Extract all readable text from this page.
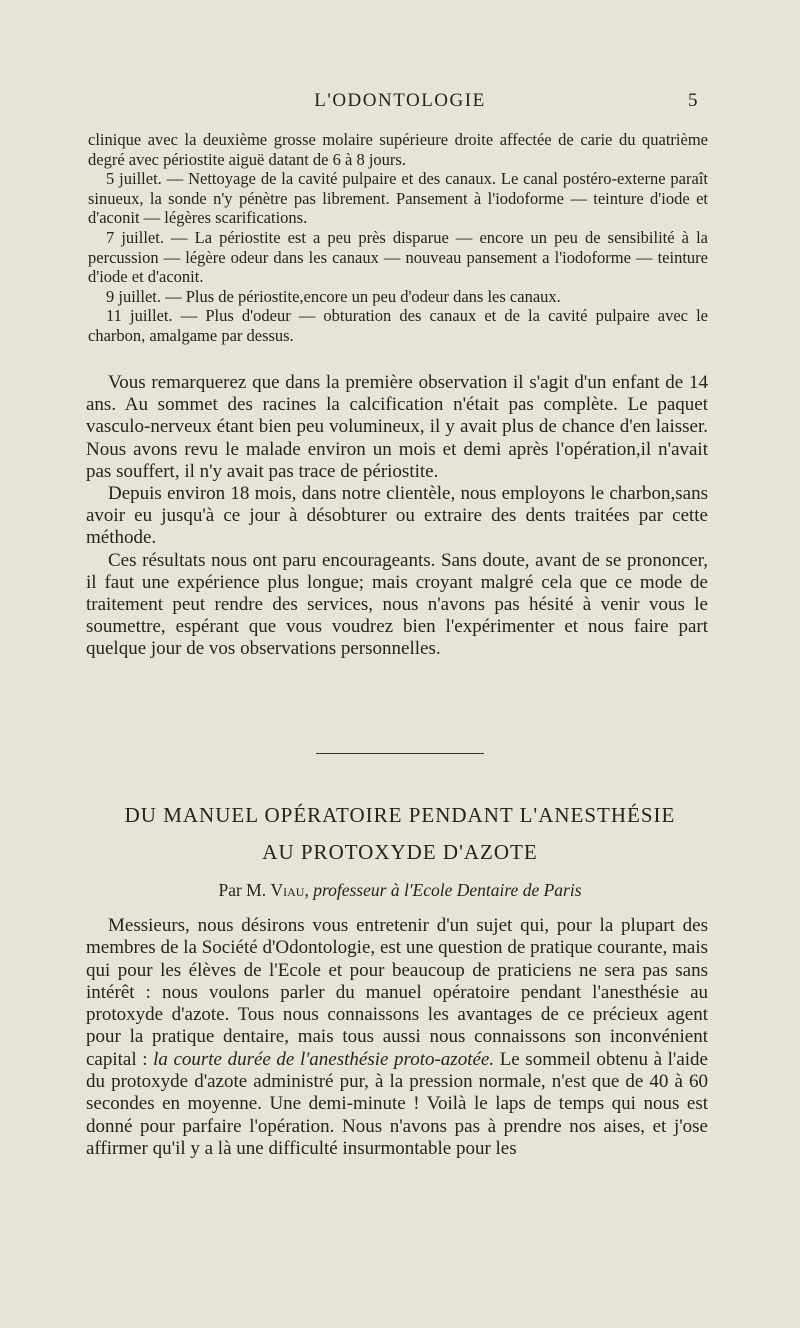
L'ODONTOLOGIE	5

clinique avec la deuxième grosse molaire supérieure droite affectée de carie du quatrième degré avec périostite aiguë datant de 6 à 8 jours.

5 juillet. — Nettoyage de la cavité pulpaire et des canaux. Le canal postéro-externe paraît sinueux, la sonde n'y pénètre pas librement. Pansement à l'iodoforme — teinture d'iode et d'aconit — légères scarifications.

7 juillet. — La périostite est a peu près disparue — encore un peu de sensibilité à la percussion — légère odeur dans les canaux — nouveau pansement a l'iodoforme — teinture d'iode et d'aconit.

9 juillet. — Plus de périostite,encore un peu d'odeur dans les canaux.

11 juillet. — Plus d'odeur — obturation des canaux et de la cavité pulpaire avec le charbon, amalgame par dessus.

Vous remarquerez que dans la première observation il s'agit d'un enfant de 14 ans. Au sommet des racines la calcification n'était pas complète. Le paquet vasculo-nerveux étant bien peu volumineux, il y avait plus de chance d'en laisser. Nous avons revu le malade environ un mois et demi après l'opération,il n'avait pas souffert, il n'y avait pas trace de périostite.

Depuis environ 18 mois, dans notre clientèle, nous employons le charbon,sans avoir eu jusqu'à ce jour à désobturer ou extraire des dents traitées par cette méthode.

Ces résultats nous ont paru encourageants. Sans doute, avant de se prononcer, il faut une expérience plus longue; mais croyant malgré cela que ce mode de traitement peut rendre des services, nous n'avons pas hésité à venir vous le soumettre, espérant que vous voudrez bien l'expérimenter et nous faire part quelque jour de vos observations personnelles.

DU MANUEL OPÉRATOIRE PENDANT L'ANESTHÉSIE
AU PROTOXYDE D'AZOTE
Par M. Viau, professeur à l'Ecole Dentaire de Paris

Messieurs, nous désirons vous entretenir d'un sujet qui, pour la plupart des membres de la Société d'Odontologie, est une question de pratique courante, mais qui pour les élèves de l'Ecole et pour beaucoup de praticiens ne sera pas sans intérêt : nous voulons parler du manuel opératoire pendant l'anesthésie au protoxyde d'azote. Tous nous connaissons les avantages de ce précieux agent pour la pratique dentaire, mais tous aussi nous connaissons son inconvénient capital : la courte durée de l'anesthésie proto-azotée. Le sommeil obtenu à l'aide du protoxyde d'azote administré pur, à la pression normale, n'est que de 40 à 60 secondes en moyenne. Une demi-minute ! Voilà le laps de temps qui nous est donné pour parfaire l'opération. Nous n'avons pas à prendre nos aises, et j'ose affirmer qu'il y a là une difficulté insurmontable pour les
